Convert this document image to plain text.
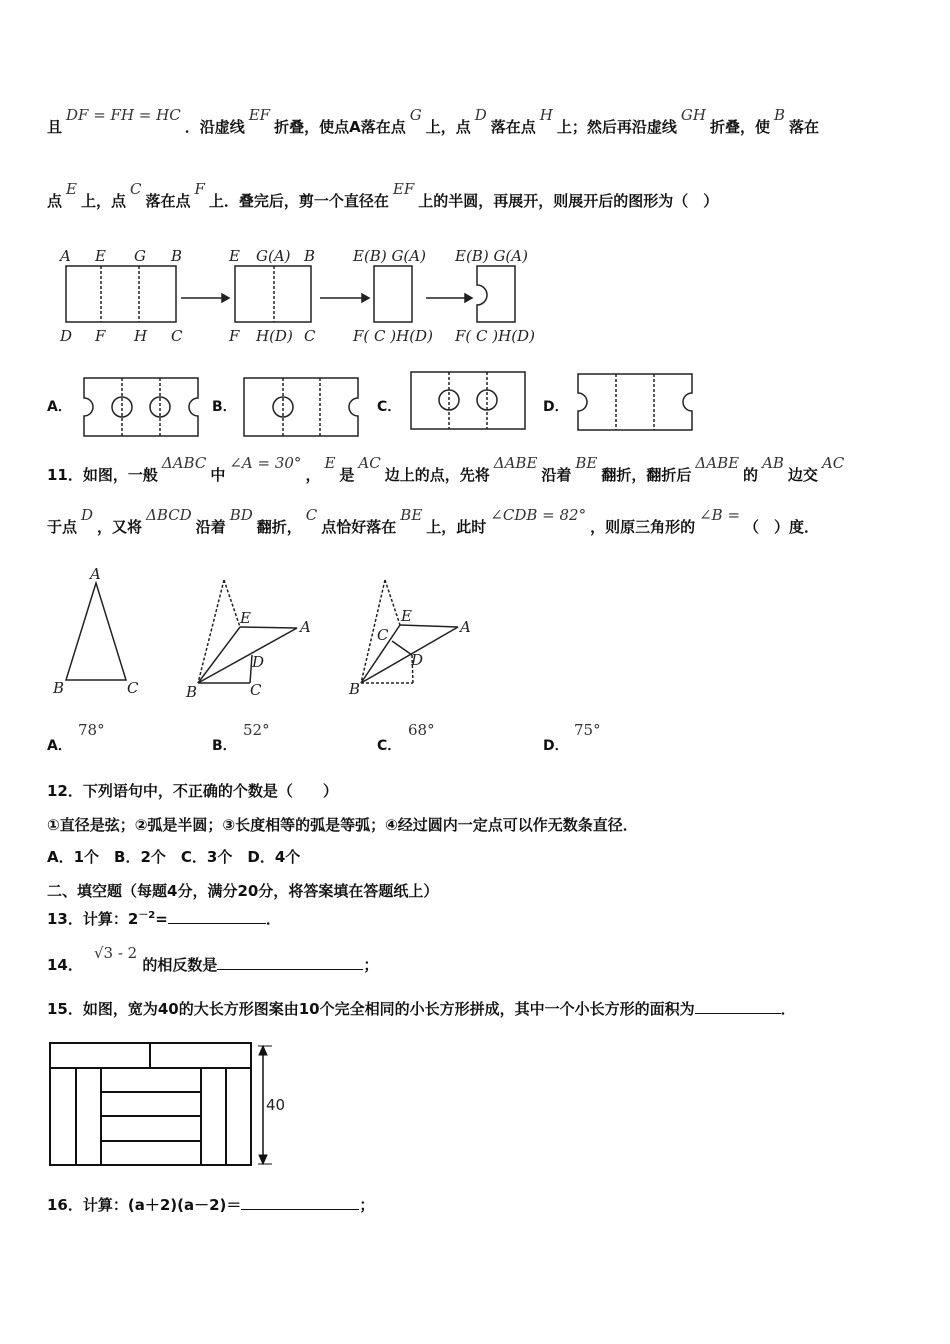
且DF = FH = HC．沿虚线EF折叠，使点A落在点G上，点D落在点H上；然后再沿虚线GH折叠，使B落在
点E上，点C落在点F上．叠完后，剪一个直径在EF上的半圆，再展开，则展开后的图形为（　）
A E G B
D F H C
E G(A) B
F H(D) C
E(B) G(A)
F( C )H(D)
E(B) G(A)
F( C )H(D)
A．	B．	C．	D．
11．如图，一般ΔABC中∠A = 30°，E是AC边上的点，先将ΔABE沿着BE翻折，翻折后ΔABE的AB边交AC
于点D，又将ΔBCD沿着BD翻折，C点恰好落在BE上，此时∠CDB = 82°，则原三角形的∠B =（　）度．
A
B	C
E	A
D
B	C
C
E
A
D
B
A．
78°
B．
52°
C．
68°
D．
75°
12．下列语句中，不正确的个数是（　　）
①直径是弦；②弧是半圆；③长度相等的弧是等弧；④经过圆内一定点可以作无数条直径．
A．1个　B．2个　C．3个　D．4个
二、填空题（每题4分，满分20分，将答案填在答题纸上）
13．计算：$2^{-2}=$	．
14． √3 - 2 的相反数是	；
15．如图，宽为40的大长方形图案由10个完全相同的小长方形拼成，其中一个小长方形的面积为	．
40
16．计算：(a＋2)(a－2)＝	；
